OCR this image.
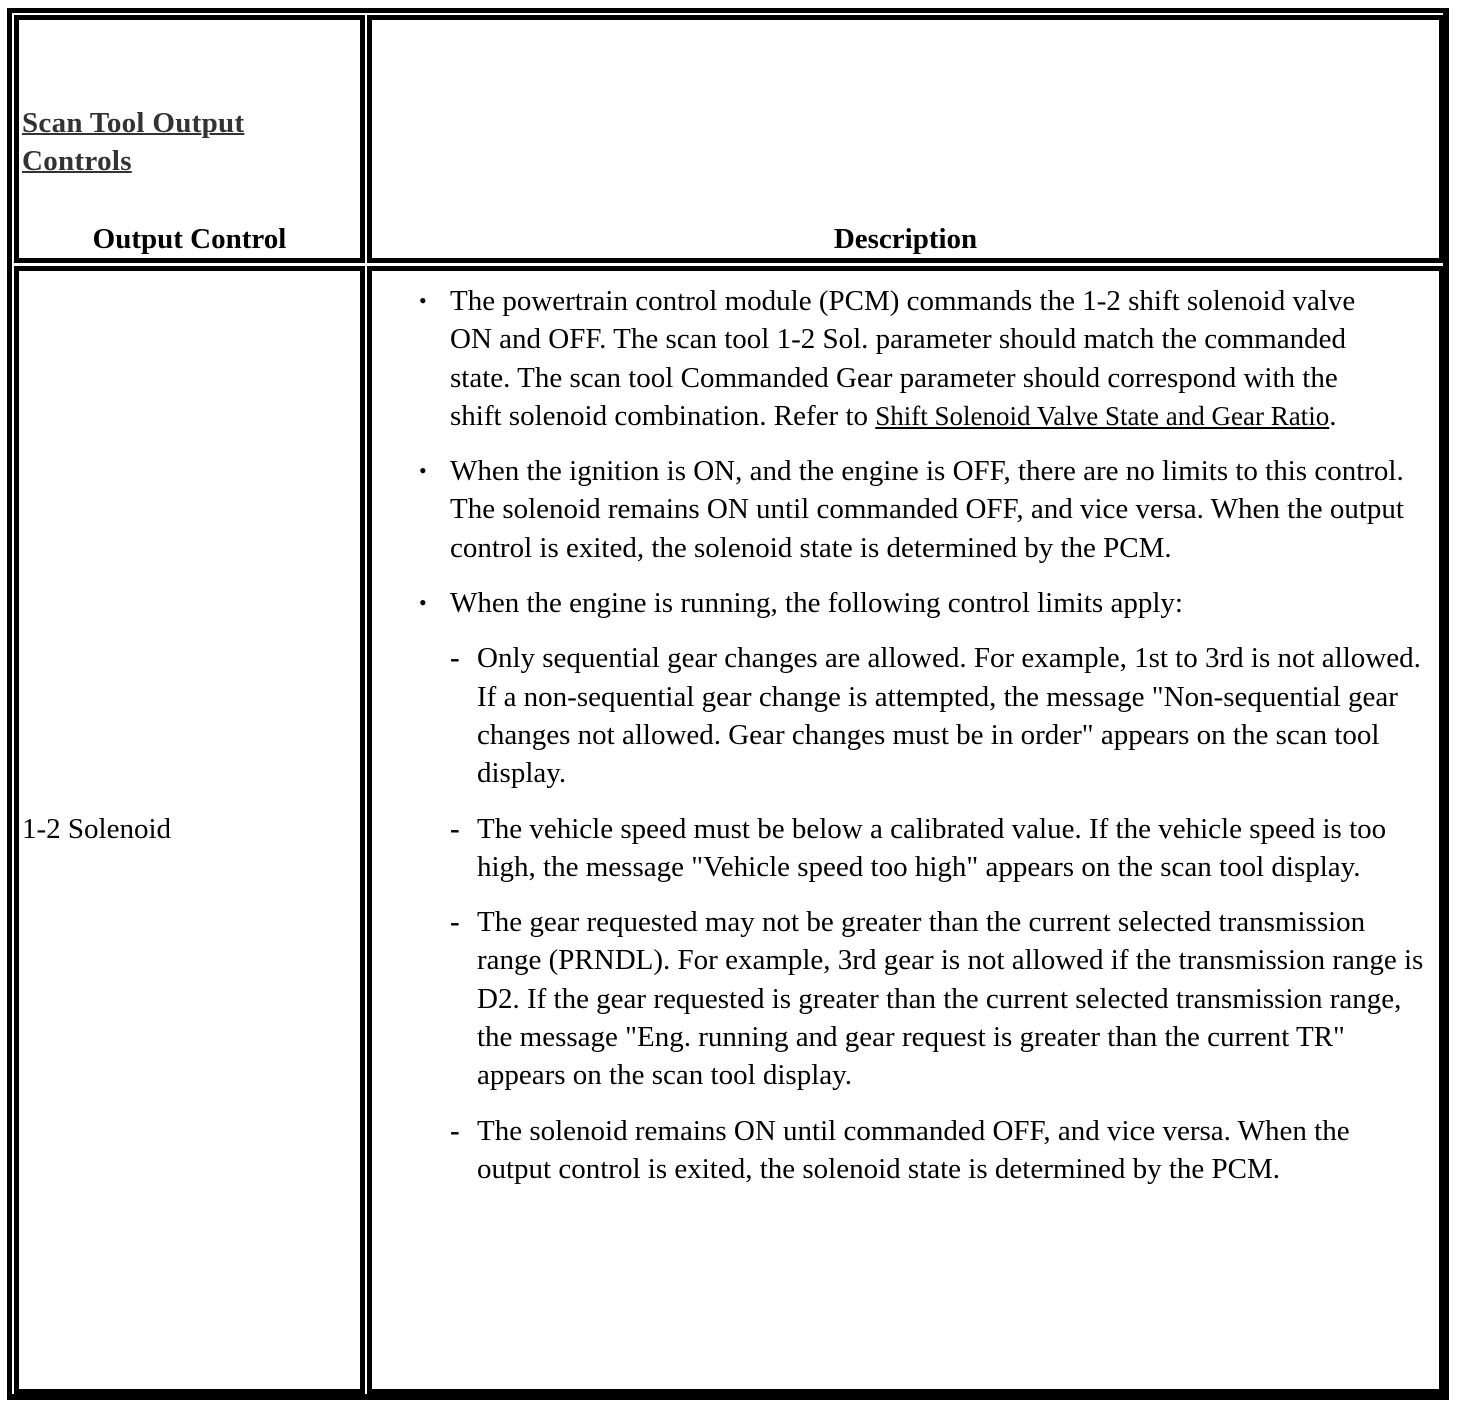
Scan Tool Output Controls
Output Control	Description
1-2 Solenoid
• The powertrain control module (PCM) commands the 1-2 shift solenoid valve ON and OFF. The scan tool 1-2 Sol. parameter should match the commanded state. The scan tool Commanded Gear parameter should correspond with the shift solenoid combination. Refer to Shift Solenoid Valve State and Gear Ratio.
• When the ignition is ON, and the engine is OFF, there are no limits to this control. The solenoid remains ON until commanded OFF, and vice versa. When the output control is exited, the solenoid state is determined by the PCM.
• When the engine is running, the following control limits apply:
- Only sequential gear changes are allowed. For example, 1st to 3rd is not allowed. If a non-sequential gear change is attempted, the message "Non-sequential gear changes not allowed. Gear changes must be in order" appears on the scan tool display.
- The vehicle speed must be below a calibrated value. If the vehicle speed is too high, the message "Vehicle speed too high" appears on the scan tool display.
- The gear requested may not be greater than the current selected transmission range (PRNDL). For example, 3rd gear is not allowed if the transmission range is D2. If the gear requested is greater than the current selected transmission range, the message "Eng. running and gear request is greater than the current TR" appears on the scan tool display.
- The solenoid remains ON until commanded OFF, and vice versa. When the output control is exited, the solenoid state is determined by the PCM.
